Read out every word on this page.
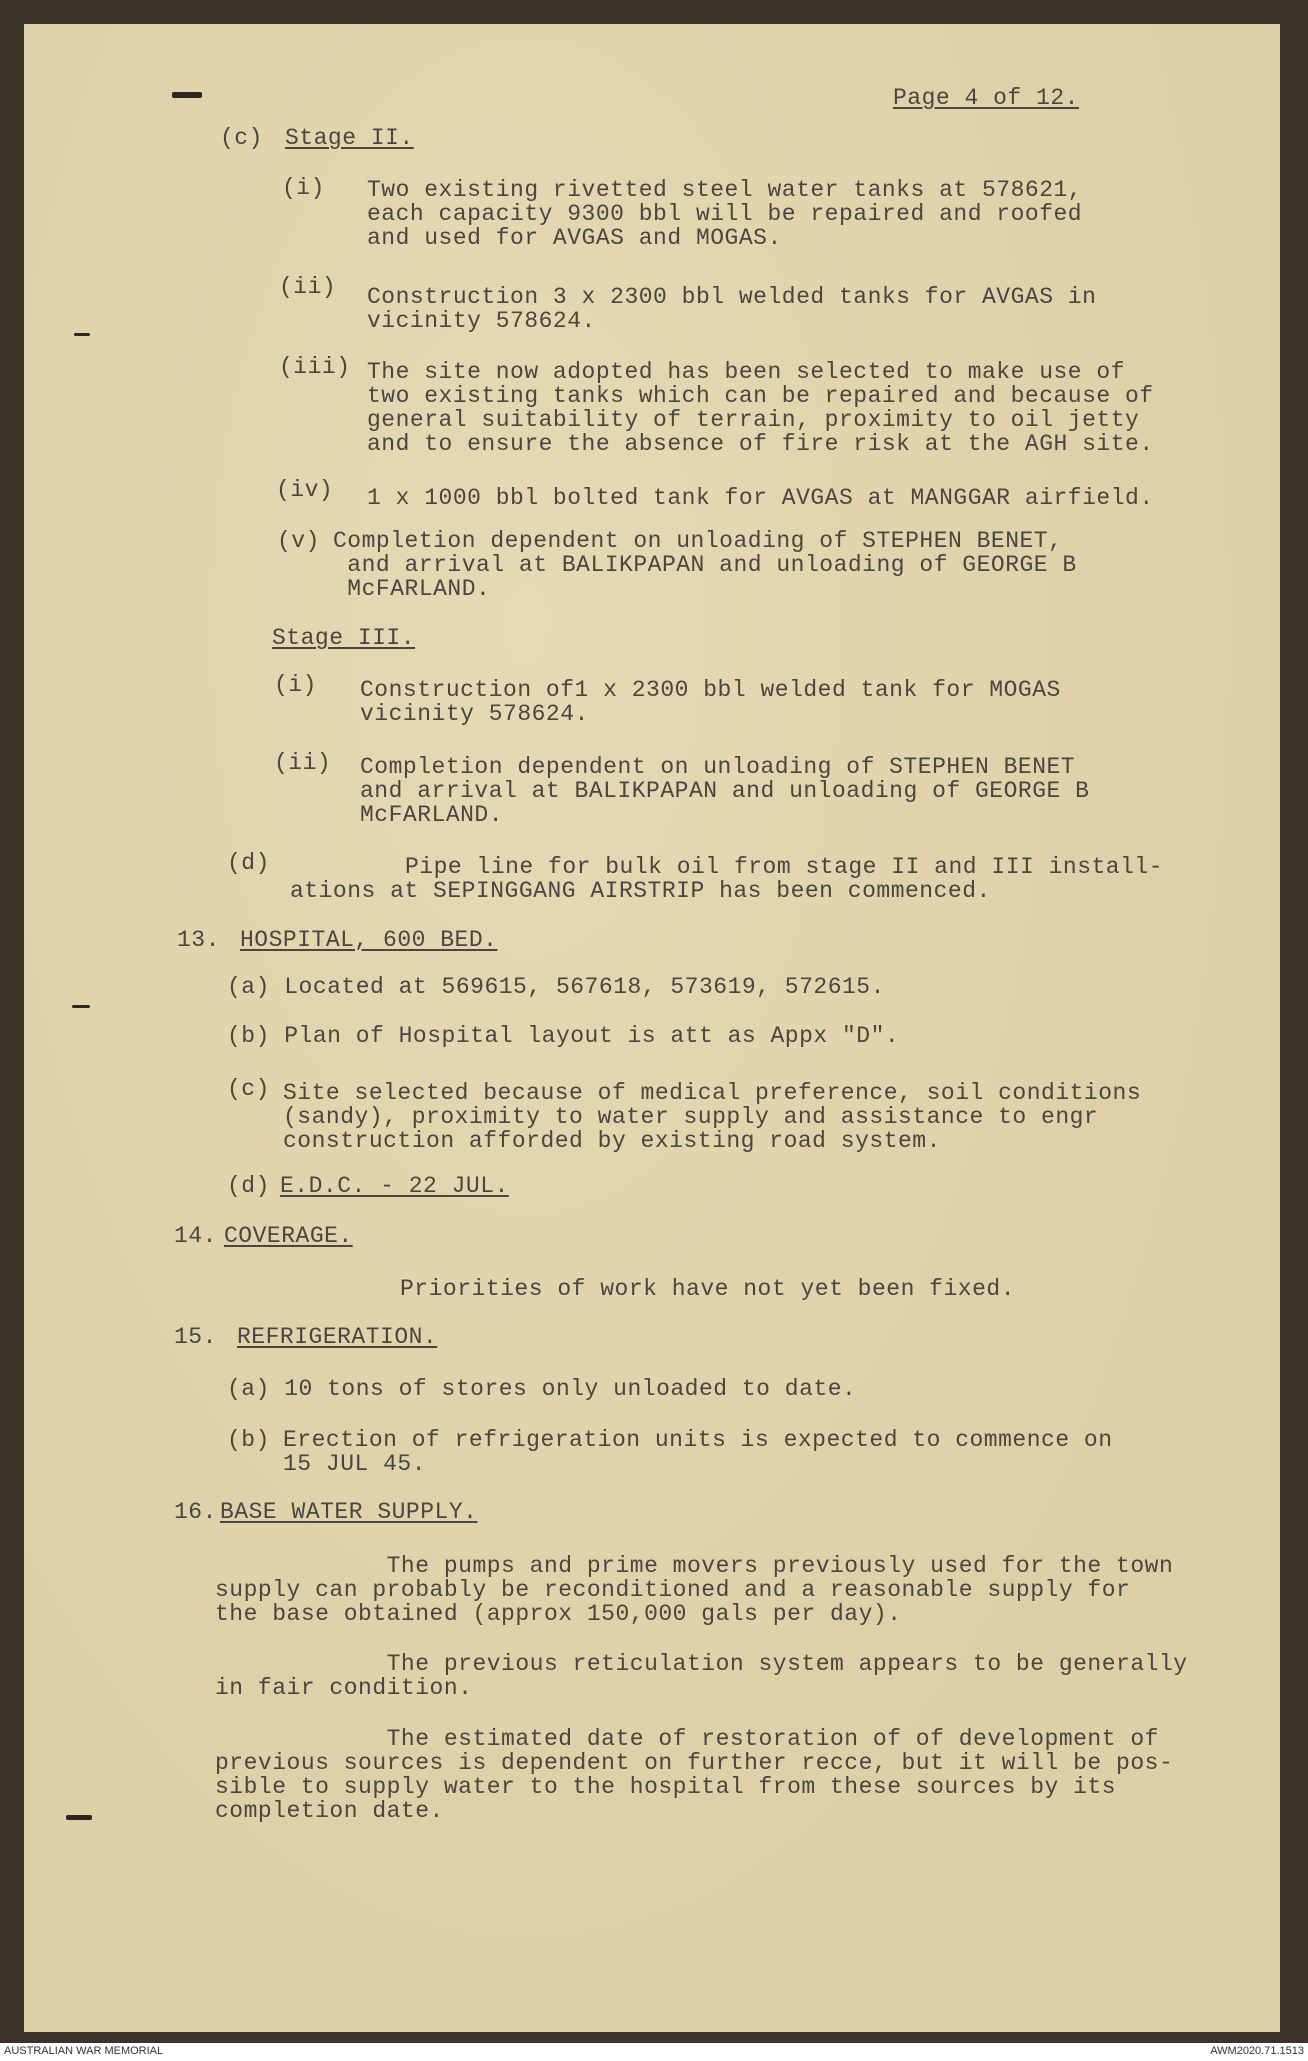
Page 4 of 12.
(c) Stage II.
(i) Two existing rivetted steel water tanks at 578621,
each capacity 9300 bbl will be repaired and roofed
and used for AVGAS and MOGAS.
(ii) Construction 3 x 2300 bbl welded tanks for AVGAS in
vicinity 578624.
(iii) The site now adopted has been selected to make use of
two existing tanks which can be repaired and because of
general suitability of terrain, proximity to oil jetty
and to ensure the absence of fire risk at the AGH site.
(iv) 1 x 1000 bbl bolted tank for AVGAS at MANGGAR airfield.
(v) Completion dependent on unloading of STEPHEN BENET,
and arrival at BALIKPAPAN and unloading of GEORGE B
McFARLAND.
Stage III.
(i) Construction of1 x 2300 bbl welded tank for MOGAS
vicinity 578624.
(ii) Completion dependent on unloading of STEPHEN BENET
and arrival at BALIKPAPAN and unloading of GEORGE B
McFARLAND.
(d)	Pipe line for bulk oil from stage II and III install-
ations at SEPINGGANG AIRSTRIP has been commenced.
13. HOSPITAL, 600 BED.
(a) Located at 569615, 567618, 573619, 572615.
(b) Plan of Hospital layout is att as Appx "D".
(c) Site selected because of medical preference, soil conditions
(sandy), proximity to water supply and assistance to engr
construction afforded by existing road system.
(d) E.D.C. - 22 JUL.
14. COVERAGE.
Priorities of work have not yet been fixed.
15. REFRIGERATION.
(a) 10 tons of stores only unloaded to date.
(b) Erection of refrigeration units is expected to commence on
15 JUL 45.
16. BASE WATER SUPPLY.
The pumps and prime movers previously used for the town
supply can probably be reconditioned and a reasonable supply for
the base obtained (approx 150,000 gals per day).
The previous reticulation system appears to be generally
in fair condition.
The estimated date of restoration of of development of
previous sources is dependent on further recce, but it will be pos-
sible to supply water to the hospital from these sources by its
completion date.
AUSTRALIAN WAR MEMORIAL	AWM2020.71.1513
